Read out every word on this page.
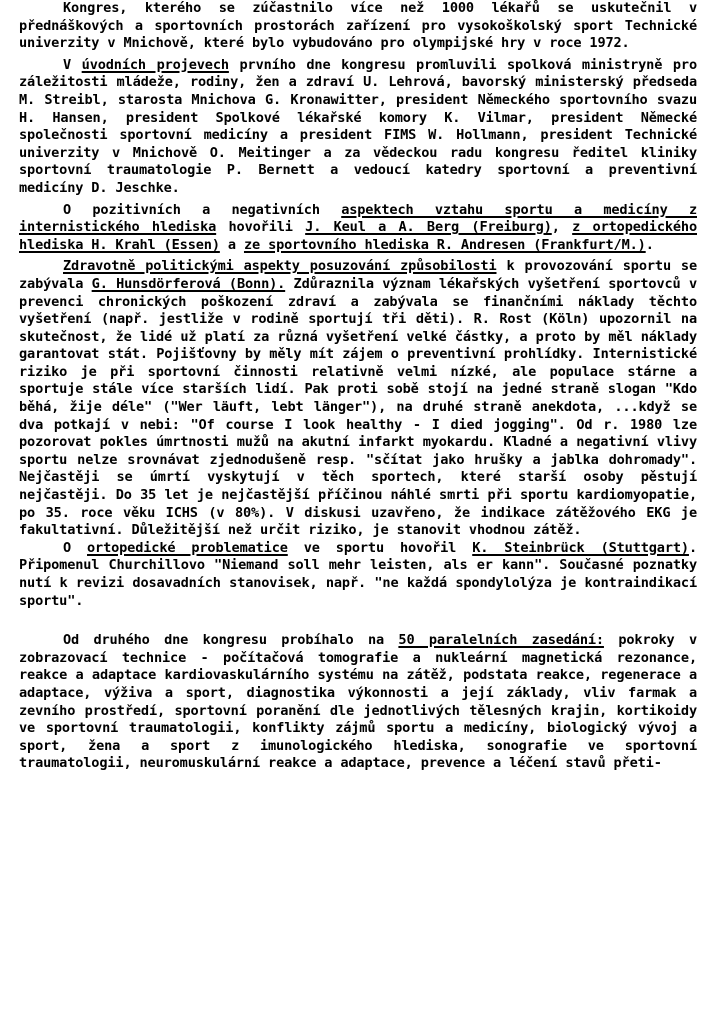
Kongres, kterého se zúčastnilo více než 1000 lékařů se uskutečnil v přednáškových a sportovních prostorách zařízení pro vysokoškolský sport Technické univerzity v Mnichově, které bylo vybudováno pro olympijské hry v roce 1972.

V úvodních projevech prvního dne kongresu promluvili spolková ministryně pro záležitosti mládeže, rodiny, žen a zdraví U. Lehrová, bavorský ministerský předseda M. Streibl, starosta Mnichova G. Kronawitter, president Německého sportovního svazu H. Hansen, president Spolkové lékařské komory K. Vilmar, president Německé společnosti sportovní medicíny a president FIMS W. Hollmann, president Technické univerzity v Mnichově O. Meitinger a za vědeckou radu kongresu ředitel kliniky sportovní traumatologie P. Bernett a vedoucí katedry sportovní a preventivní medicíny D. Jeschke.

O pozitivních a negativních aspektech vztahu sportu a medicíny z internistického hlediska hovořili J. Keul a A. Berg (Freiburg), z ortopedického hlediska H. Krahl (Essen) a ze sportovního hlediska R. Andresen (Frankfurt/M.).

Zdravotně politickými aspekty posuzování způsobilosti k provozování sportu se zabývala G. Hunsdörferová (Bonn). Zdůraznila význam lékařských vyšetření sportovců v prevenci chronických poškození zdraví a zabývala se finančními náklady těchto vyšetření (např. jestliže v rodině sportují tři děti). R. Rost (Köln) upozornil na skutečnost, že lidé už platí za různá vyšetření velké částky, a proto by měl náklady garantovat stát. Pojišťovny by měly mít zájem o preventivní prohlídky. Internistické riziko je při sportovní činnosti relativně velmi nízké, ale populace stárne a sportuje stále více starších lidí. Pak proti sobě stojí na jedné straně slogan "Kdo běhá, žije déle" ("Wer läuft, lebt länger"), na druhé straně anekdota, ...když se dva potkají v nebi: "Of course I look healthy - I died jogging". Od r. 1980 lze pozorovat pokles úmrtnosti mužů na akutní infarkt myokardu. Kladné a negativní vlivy sportu nelze srovnávat zjednodušeně resp. "sčítat jako hrušky a jablka dohromady". Nejčastěji se úmrtí vyskytují v těch sportech, které starší osoby pěstují nejčastěji. Do 35 let je nejčastější příčinou náhlé smrti při sportu kardiomyopatie, po 35. roce věku ICHS (v 80%). V diskusi uzavřeno, že indikace zátěžového EKG je fakultativní. Důležitější než určit riziko, je stanovit vhodnou zátěž.

O ortopedické problematice ve sportu hovořil K. Steinbrück (Stuttgart). Připomenul Churchillovo "Niemand soll mehr leisten, als er kann". Současné poznatky nutí k revizi dosavadních stanovisek, např. "ne každá spondylolýza je kontraindikací sportu".

Od druhého dne kongresu probíhalo na 50 paralelních zasedání: pokroky v zobrazovací technice - počítačová tomografie a nukleární magnetická rezonance, reakce a adaptace kardiovaskulárního systému na zátěž, podstata reakce, regenerace a adaptace, výživa a sport, diagnostika výkonnosti a její základy, vliv farmak a zevního prostředí, sportovní poranění dle jednotlivých tělesných krajin, kortikoidy ve sportovní traumatologii, konflikty zájmů sportu a medicíny, biologický vývoj a sport, žena a sport z imunologického hlediska, sonografie ve sportovní traumatologii, neuromuskulární reakce a adaptace, prevence a léčení stavů přeti-
